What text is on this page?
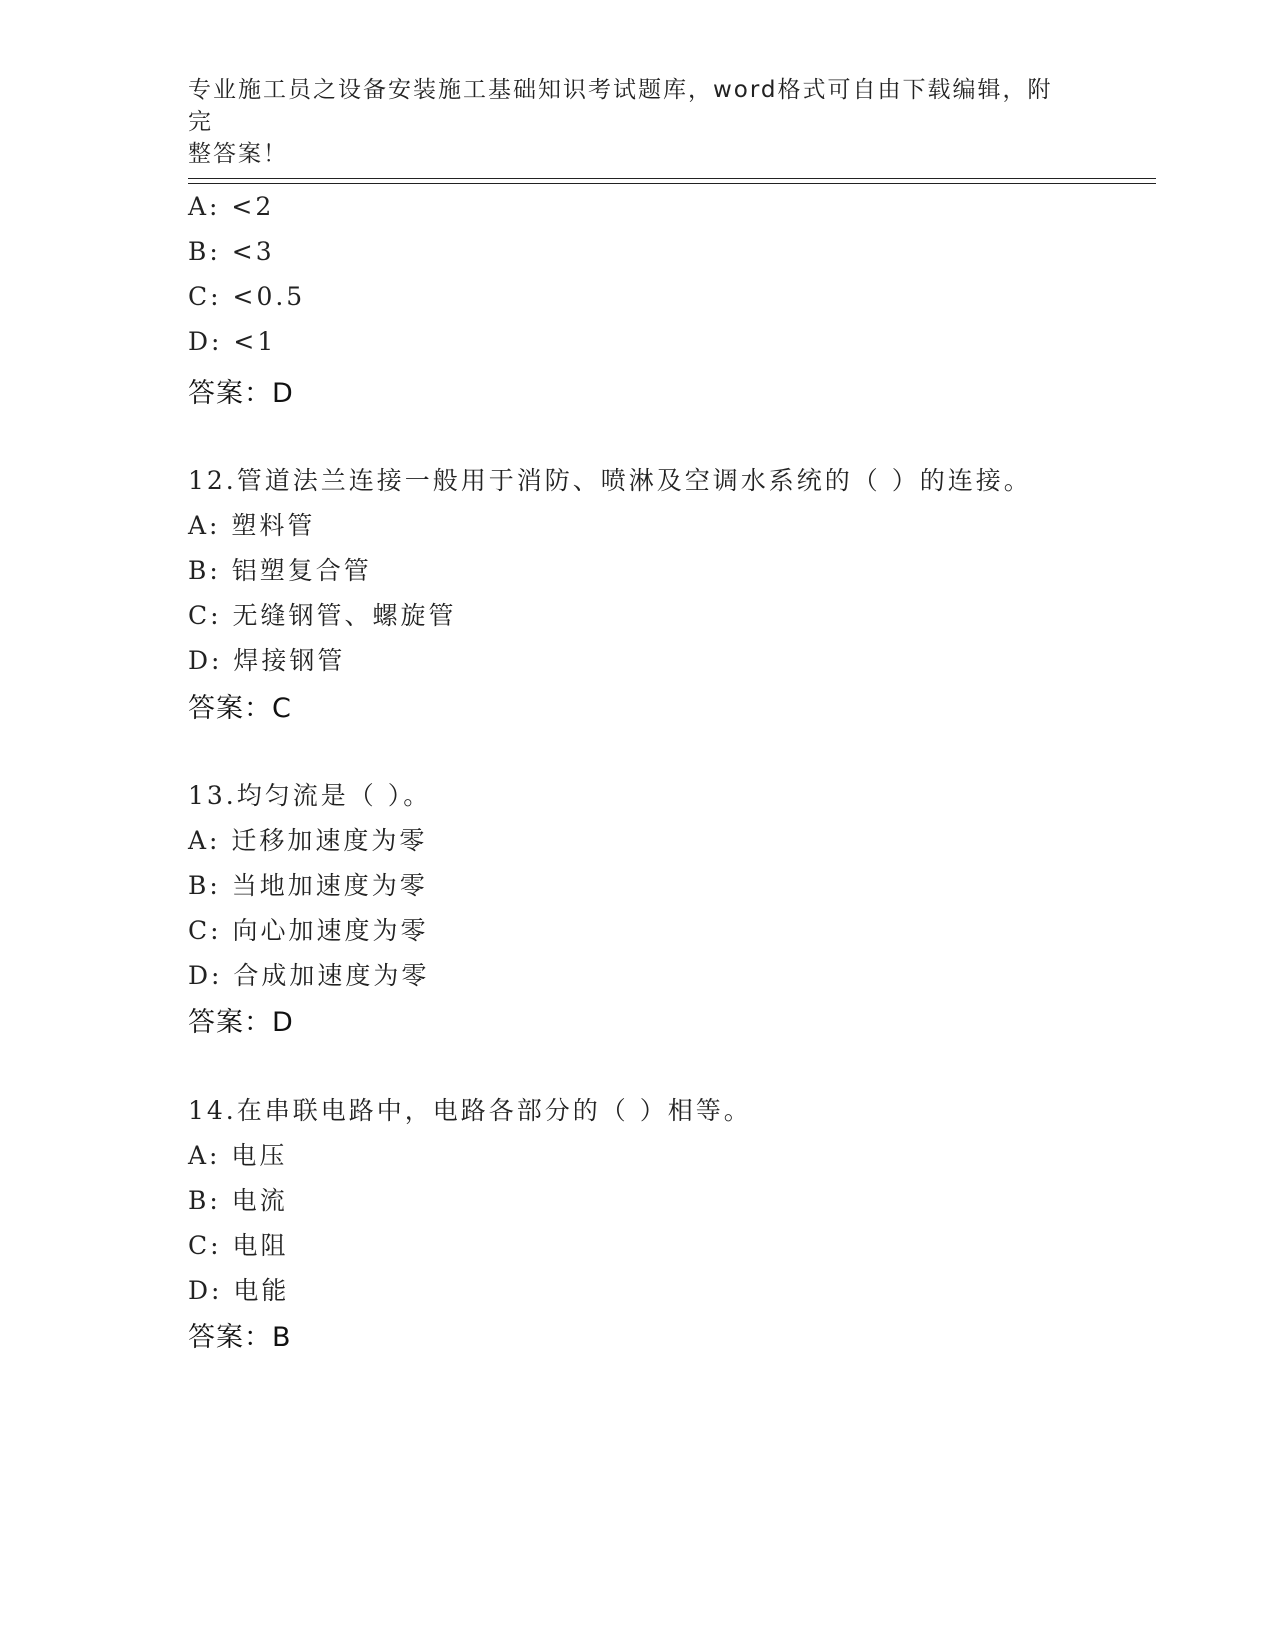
专业施工员之设备安装施工基础知识考试题库，word格式可自由下载编辑，附完
整答案！
A: <2
B: <3
C: <0.5
D: <1
答案：D
12.管道法兰连接一般用于消防、喷淋及空调水系统的（ ）的连接。
A: 塑料管
B: 铝塑复合管
C: 无缝钢管、螺旋管
D: 焊接钢管
答案：C
13.均匀流是（ ）。
A: 迁移加速度为零
B: 当地加速度为零
C: 向心加速度为零
D: 合成加速度为零
答案：D
14.在串联电路中，电路各部分的（ ）相等。
A: 电压
B: 电流
C: 电阻
D: 电能
答案：B
